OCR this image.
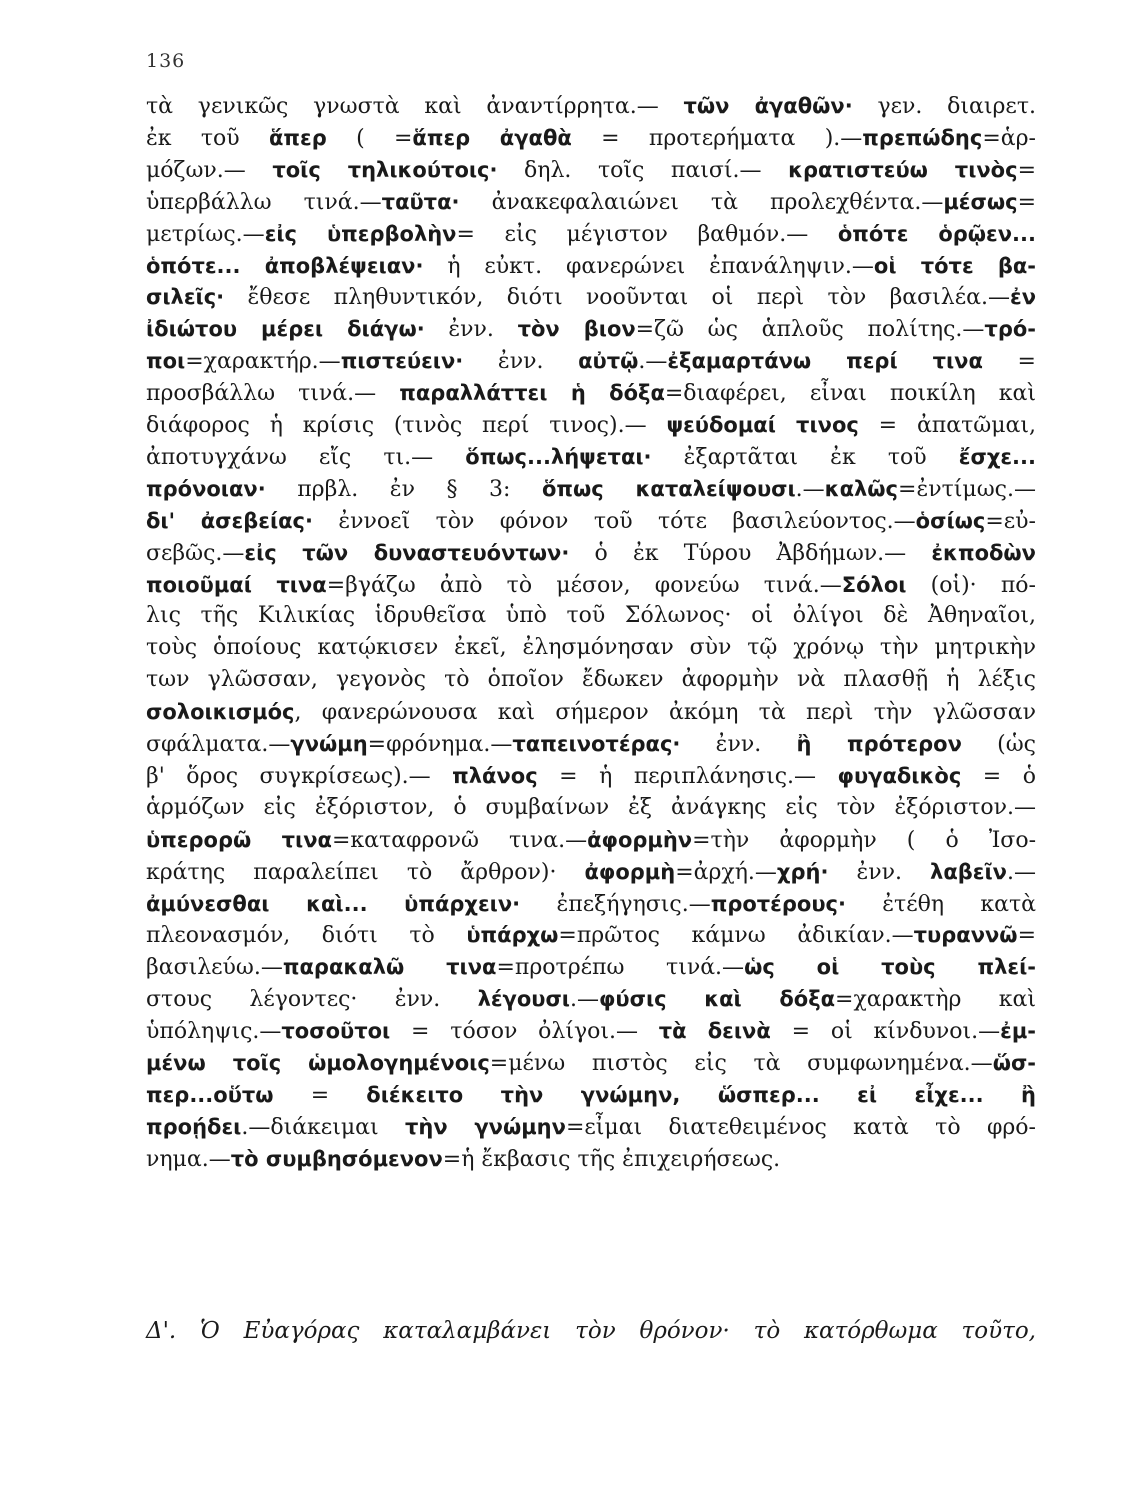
136
τὰ γενικῶς γνωστὰ καὶ ἀναντίρρητα.— τῶν ἀγαθῶν· γεν. διαιρετ.
ἐκ τοῦ ἅπερ ( =ἅπερ ἀγαθὰ = προτερήματα ).—πρεπώδης=ἁρ-
μόζων.— τοῖς τηλικούτοις· δηλ. τοῖς παισί.— κρατιστεύω τινὸς=
ὑπερβάλλω τινά.—ταῦτα· ἀνακεφαλαιώνει τὰ προλεχθέντα.—μέσως=
μετρίως.—εἰς ὑπερβολὴν= εἰς μέγιστον βαθμόν.— ὁπότε ὁρῷεν...
ὁπότε... ἀποβλέψειαν· ἡ εὐκτ. φανερώνει ἐπανάληψιν.—οἱ τότε βα-
σιλεῖς· ἔθεσε πληθυντικόν, διότι νοοῦνται οἱ περὶ τὸν βασιλέα.—ἐν
ἰδιώτου μέρει διάγω· ἐνν. τὸν βιον=ζῶ ὡς ἁπλοῦς πολίτης.—τρό-
ποι=χαρακτήρ.—πιστεύειν· ἐνν. αὐτῷ.—ἐξαμαρτάνω περί τινα =
προσβάλλω τινά.— παραλλάττει ἡ δόξα=διαφέρει, εἶναι ποικίλη καὶ
διάφορος ἡ κρίσις (τινὸς περί τινος).— ψεύδομαί τινος = ἀπατῶμαι,
ἀποτυγχάνω εἴς τι.— ὅπως...λήψεται· ἐξαρτᾶται ἐκ τοῦ ἔσχε...
πρόνοιαν· πρβλ. ἐν § 3: ὅπως καταλείψουσι.—καλῶς=ἐντίμως.—
δι' ἀσεβείας· ἐννοεῖ τὸν φόνον τοῦ τότε βασιλεύοντος.—ὁσίως=εὐ-
σεβῶς.—εἰς τῶν δυναστευόντων· ὁ ἐκ Τύρου Ἀβδήμων.— ἐκποδὼν
ποιοῦμαί τινα=βγάζω ἀπὸ τὸ μέσον, φονεύω τινά.—Σόλοι (οἱ)· πό-
λις τῆς Κιλικίας ἱδρυθεῖσα ὑπὸ τοῦ Σόλωνος· οἱ ὀλίγοι δὲ Ἀθηναῖοι,
τοὺς ὁποίους κατῴκισεν ἐκεῖ, ἐλησμόνησαν σὺν τῷ χρόνῳ τὴν μητρικὴν
των γλῶσσαν, γεγονὸς τὸ ὁποῖον ἔδωκεν ἀφορμὴν νὰ πλασθῇ ἡ λέξις
σολοικισμός, φανερώνουσα καὶ σήμερον ἀκόμη τὰ περὶ τὴν γλῶσσαν
σφάλματα.—γνώμη=φρόνημα.—ταπεινοτέρας· ἐνν. ἢ πρότερον (ὡς
β' ὅρος συγκρίσεως).— πλάνος = ἡ περιπλάνησις.— φυγαδικὸς = ὁ
ἁρμόζων εἰς ἐξόριστον, ὁ συμβαίνων ἐξ ἀνάγκης εἰς τὸν ἐξόριστον.—
ὑπερορῶ τινα=καταφρονῶ τινα.—ἀφορμὴν=τὴν ἀφορμὴν ( ὁ Ἰσο-
κράτης παραλείπει τὸ ἄρθρον)· ἀφορμὴ=ἀρχή.—χρή· ἐνν. λαβεῖν.—
ἀμύνεσθαι καὶ... ὑπάρχειν· ἐπεξήγησις.—προτέρους· ἐτέθη κατὰ
πλεονασμόν, διότι τὸ ὑπάρχω=πρῶτος κάμνω ἀδικίαν.—τυραννῶ=
βασιλεύω.—παρακαλῶ τινα=προτρέπω τινά.—ὡς οἱ τοὺς πλεί-
στους λέγοντες· ἐνν. λέγουσι.—φύσις καὶ δόξα=χαρακτὴρ καὶ
ὑπόληψις.—τοσοῦτοι = τόσον ὀλίγοι.— τὰ δεινὰ = οἱ κίνδυνοι.—ἐμ-
μένω τοῖς ὡμολογημένοις=μένω πιστὸς εἰς τὰ συμφωνημένα.—ὥσ-
περ...οὕτω = διέκειτο τὴν γνώμην, ὥσπερ... εἰ εἶχε... ἢ
προῄδει.—διάκειμαι τὴν γνώμην=εἶμαι διατεθειμένος κατὰ τὸ φρό-
νημα.—τὸ συμβησόμενον=ἡ ἔκβασις τῆς ἐπιχειρήσεως.
Δ'. Ὁ Εὐαγόρας καταλαμβάνει τὸν θρόνον· τὸ κατόρθωμα τοῦτο,
